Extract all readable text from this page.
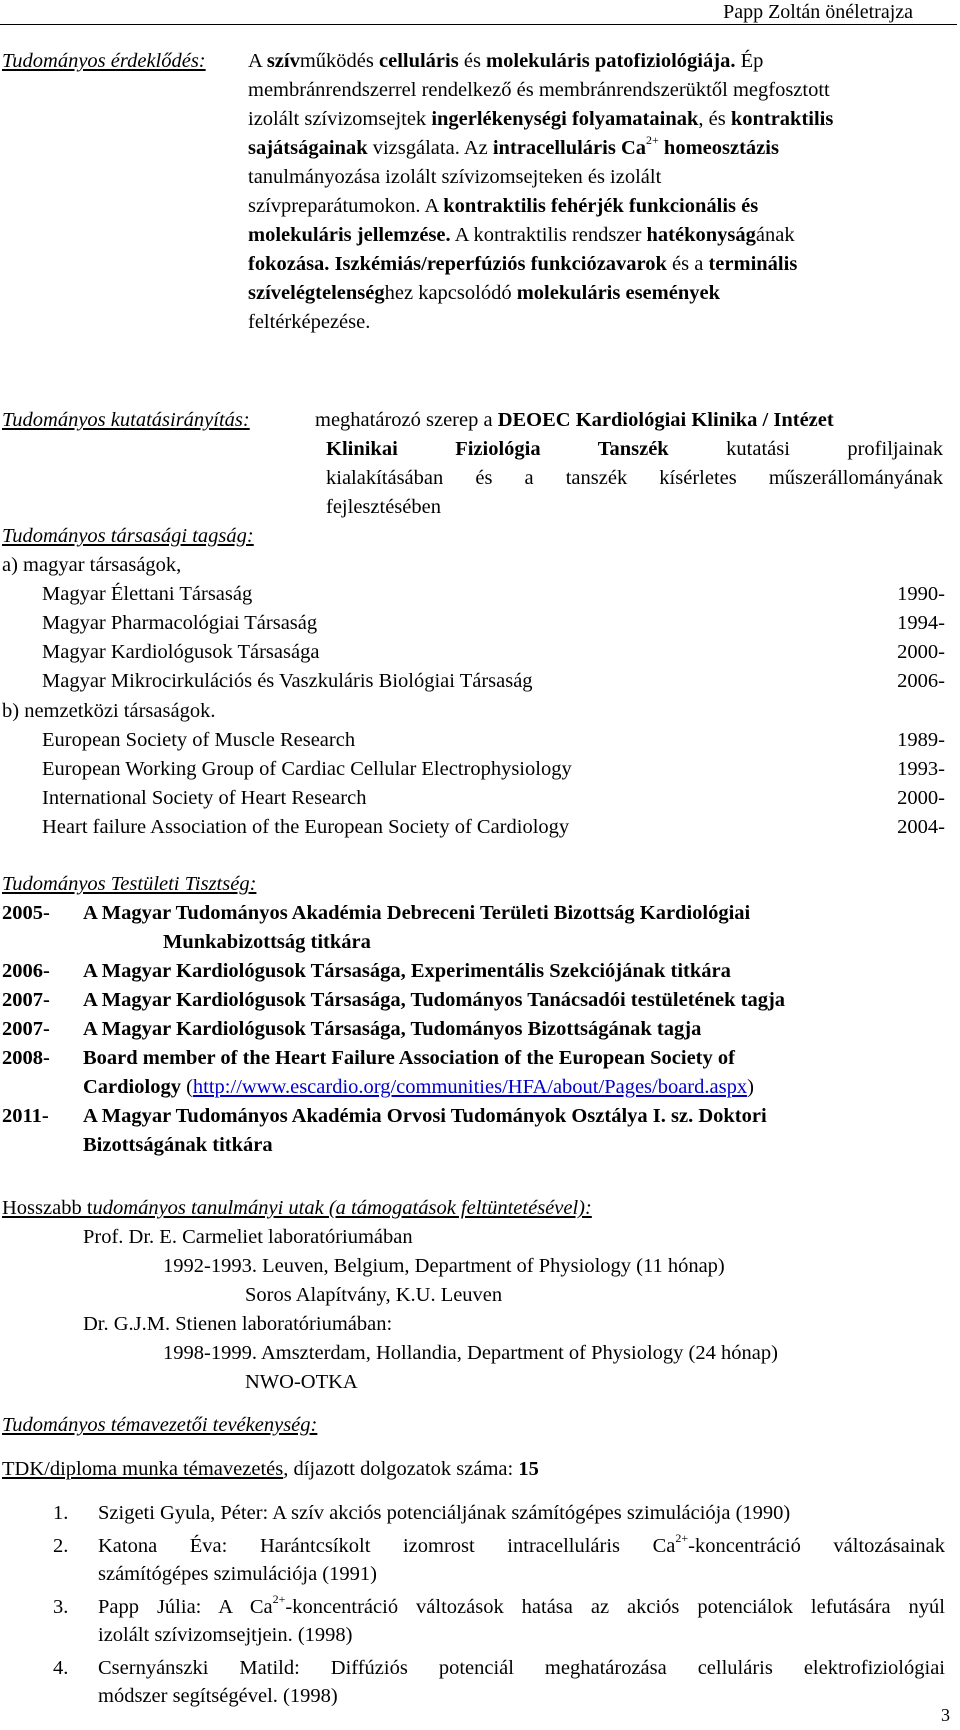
Papp Zoltán önéletrajza
Tudományos érdeklődés: A szívműködés celluláris és molekuláris patofiziológiája. Ép
membránrendszerrel rendelkező és membránrendszerüktől megfosztott
izolált szívizomsejtek ingerlékenységi folyamatainak, és kontraktilis
sajátságainak vizsgálata. Az intracelluláris $Ca^{2+}$ homeosztázis
tanulmányozása izolált szívizomsejteken és izolált
szívpreparátumokon. A kontraktilis fehérjék funkcionális és
molekuláris jellemzése. A kontraktilis rendszer hatékonyságának
fokozása. Iszkémiás/reperfúziós funkciózavarok és a terminális
szívelégtelenséghez kapcsolódó molekuláris események
feltérképezése.
Tudományos kutatásirányítás:	meghatározó szerep a DEOEC Kardiológiai Klinika / Intézet
Klinikai Fiziológia Tanszék kutatási profiljainak
kialakításában és a tanszék kísérletes műszerállományának
fejlesztésében
Tudományos társasági tagság:
a) magyar társaságok,
Magyar Élettani Társaság	1990-
Magyar Pharmacológiai Társaság	1994-
Magyar Kardiológusok Társasága	2000-
Magyar Mikrocirkulációs és Vaszkuláris Biológiai Társaság	2006-
b) nemzetközi társaságok.
European Society of Muscle Research	1989-
European Working Group of Cardiac Cellular Electrophysiology	1993-
International Society of Heart Research	2000-
Heart failure Association of the European Society of Cardiology	2004-
Tudományos Testületi Tisztség:
2005- A Magyar Tudományos Akadémia Debreceni Területi Bizottság Kardiológiai
Munkabizottság titkára
2006- A Magyar Kardiológusok Társasága, Experimentális Szekciójának titkára
2007- A Magyar Kardiológusok Társasága, Tudományos Tanácsadói testületének tagja
2007- A Magyar Kardiológusok Társasága, Tudományos Bizottságának tagja
2008- Board member of the Heart Failure Association of the European Society of
Cardiology (http://www.escardio.org/communities/HFA/about/Pages/board.aspx)
2011- A Magyar Tudományos Akadémia Orvosi Tudományok Osztálya I. sz. Doktori
Bizottságának titkára
Hosszabb tudományos tanulmányi utak (a támogatások feltüntetésével):
Prof. Dr. E. Carmeliet laboratóriumában
1992-1993. Leuven, Belgium, Department of Physiology (11 hónap)
Soros Alapítvány, K.U. Leuven
Dr. G.J.M. Stienen laboratóriumában:
1998-1999. Amszterdam, Hollandia, Department of Physiology (24 hónap)
NWO-OTKA
Tudományos témavezetői tevékenység:
TDK/diploma munka témavezetés, díjazott dolgozatok száma: 15
1. Szigeti Gyula, Péter: A szív akciós potenciáljának számítógépes szimulációja (1990)
2. Katona Éva: Harántcsíkolt izomrost intracelluláris $Ca^{2+}$-koncentráció változásainak
számítógépes szimulációja (1991)
3. Papp Júlia: A $Ca^{2+}$-koncentráció változások hatása az akciós potenciálok lefutására nyúl
izolált szívizomsejtjein. (1998)
4. Csernyánszki Matild: Diffúziós potenciál meghatározása celluláris elektrofiziológiai
módszer segítségével. (1998)
3
